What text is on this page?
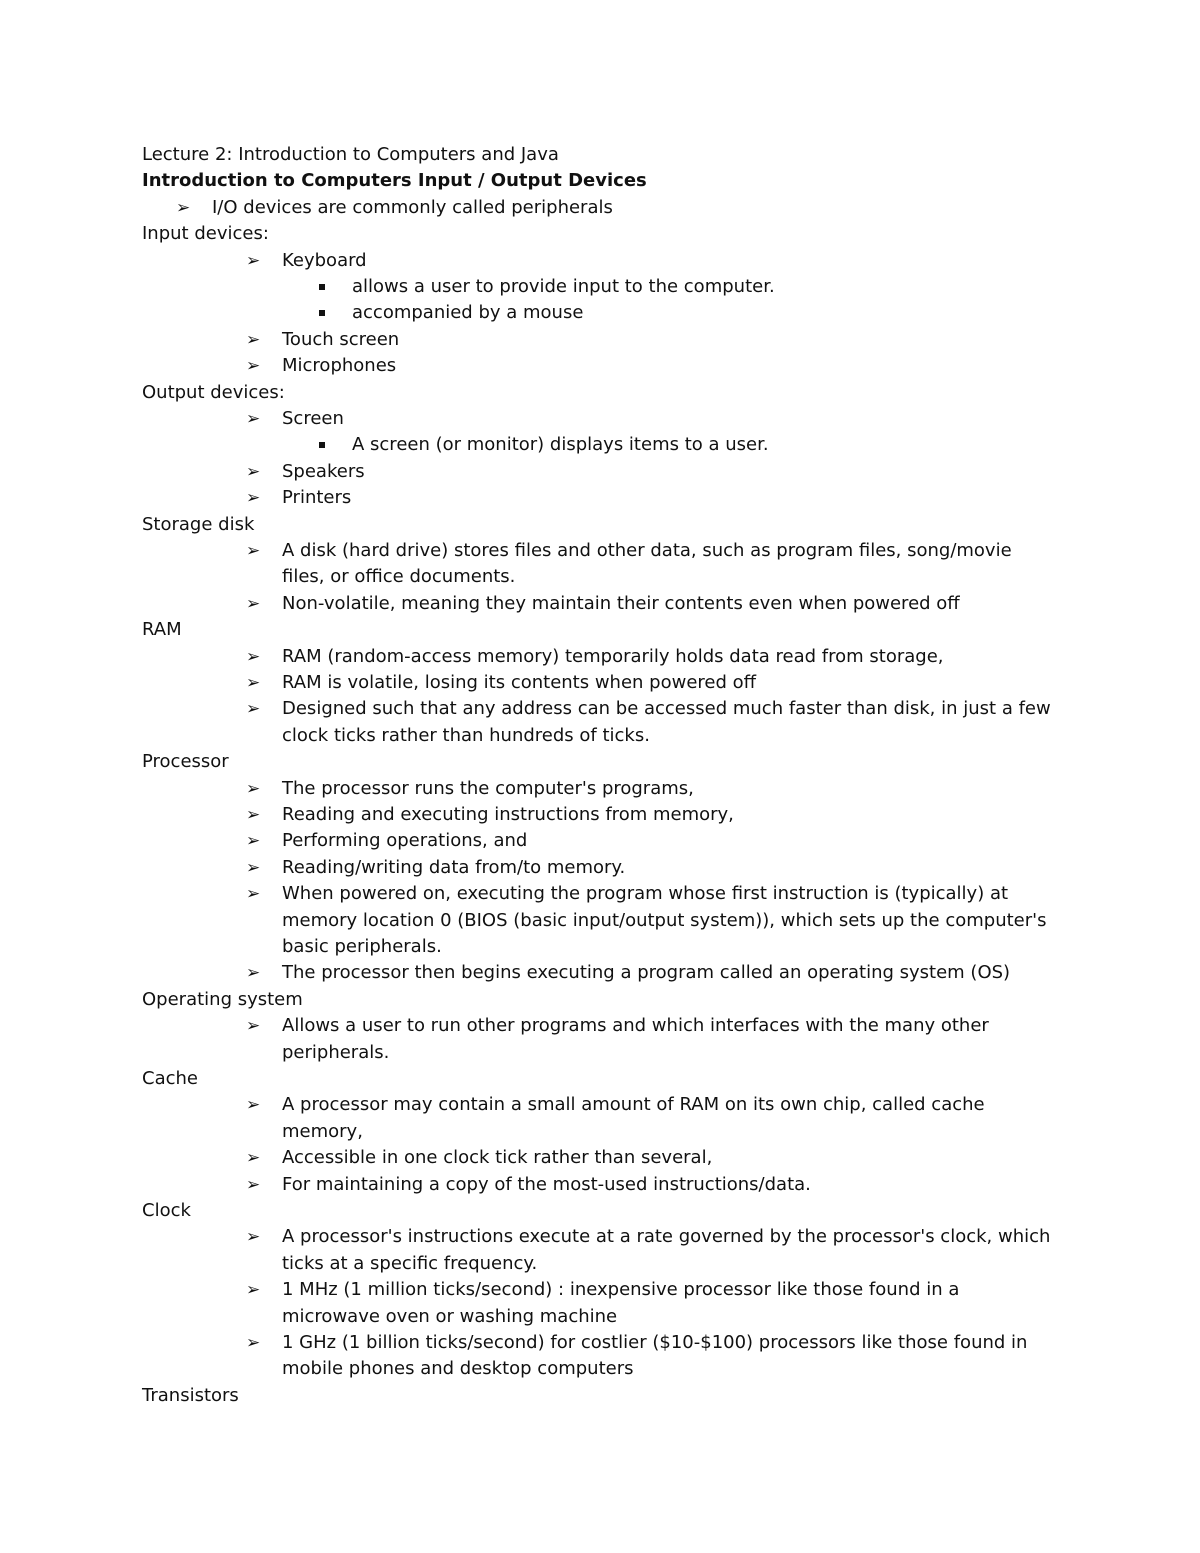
Lecture 2: Introduction to Computers and Java
Introduction to Computers Input / Output Devices
➢	I/O devices are commonly called peripherals
Input devices:
➢	Keyboard
allows a user to provide input to the computer.
accompanied by a mouse
➢	Touch screen
➢	Microphones
Output devices:
➢	Screen
A screen (or monitor) displays items to a user.
➢	Speakers
➢	Printers
Storage disk
➢	A disk (hard drive) stores files and other data, such as program files, song/movie files, or office documents.
➢	Non-volatile, meaning they maintain their contents even when powered off
RAM
➢	RAM (random-access memory) temporarily holds data read from storage,
➢	RAM is volatile, losing its contents when powered off
➢	Designed such that any address can be accessed much faster than disk, in just a few clock ticks rather than hundreds of ticks.
Processor
➢	The processor runs the computer's programs,
➢	Reading and executing instructions from memory,
➢	Performing operations, and
➢	Reading/writing data from/to memory.
➢	When powered on, executing the program whose first instruction is (typically) at memory location 0 (BIOS (basic input/output system)), which sets up the computer's basic peripherals.
➢	The processor then begins executing a program called an operating system (OS)
Operating system
➢	Allows a user to run other programs and which interfaces with the many other peripherals.
Cache
➢	A processor may contain a small amount of RAM on its own chip, called cache memory,
➢	Accessible in one clock tick rather than several,
➢	For maintaining a copy of the most-used instructions/data.
Clock
➢	A processor's instructions execute at a rate governed by the processor's clock, which ticks at a specific frequency.
➢	1 MHz (1 million ticks/second) : inexpensive processor like those found in a microwave oven or washing machine
➢	1 GHz (1 billion ticks/second) for costlier ($10-$100) processors like those found in mobile phones and desktop computers
Transistors
